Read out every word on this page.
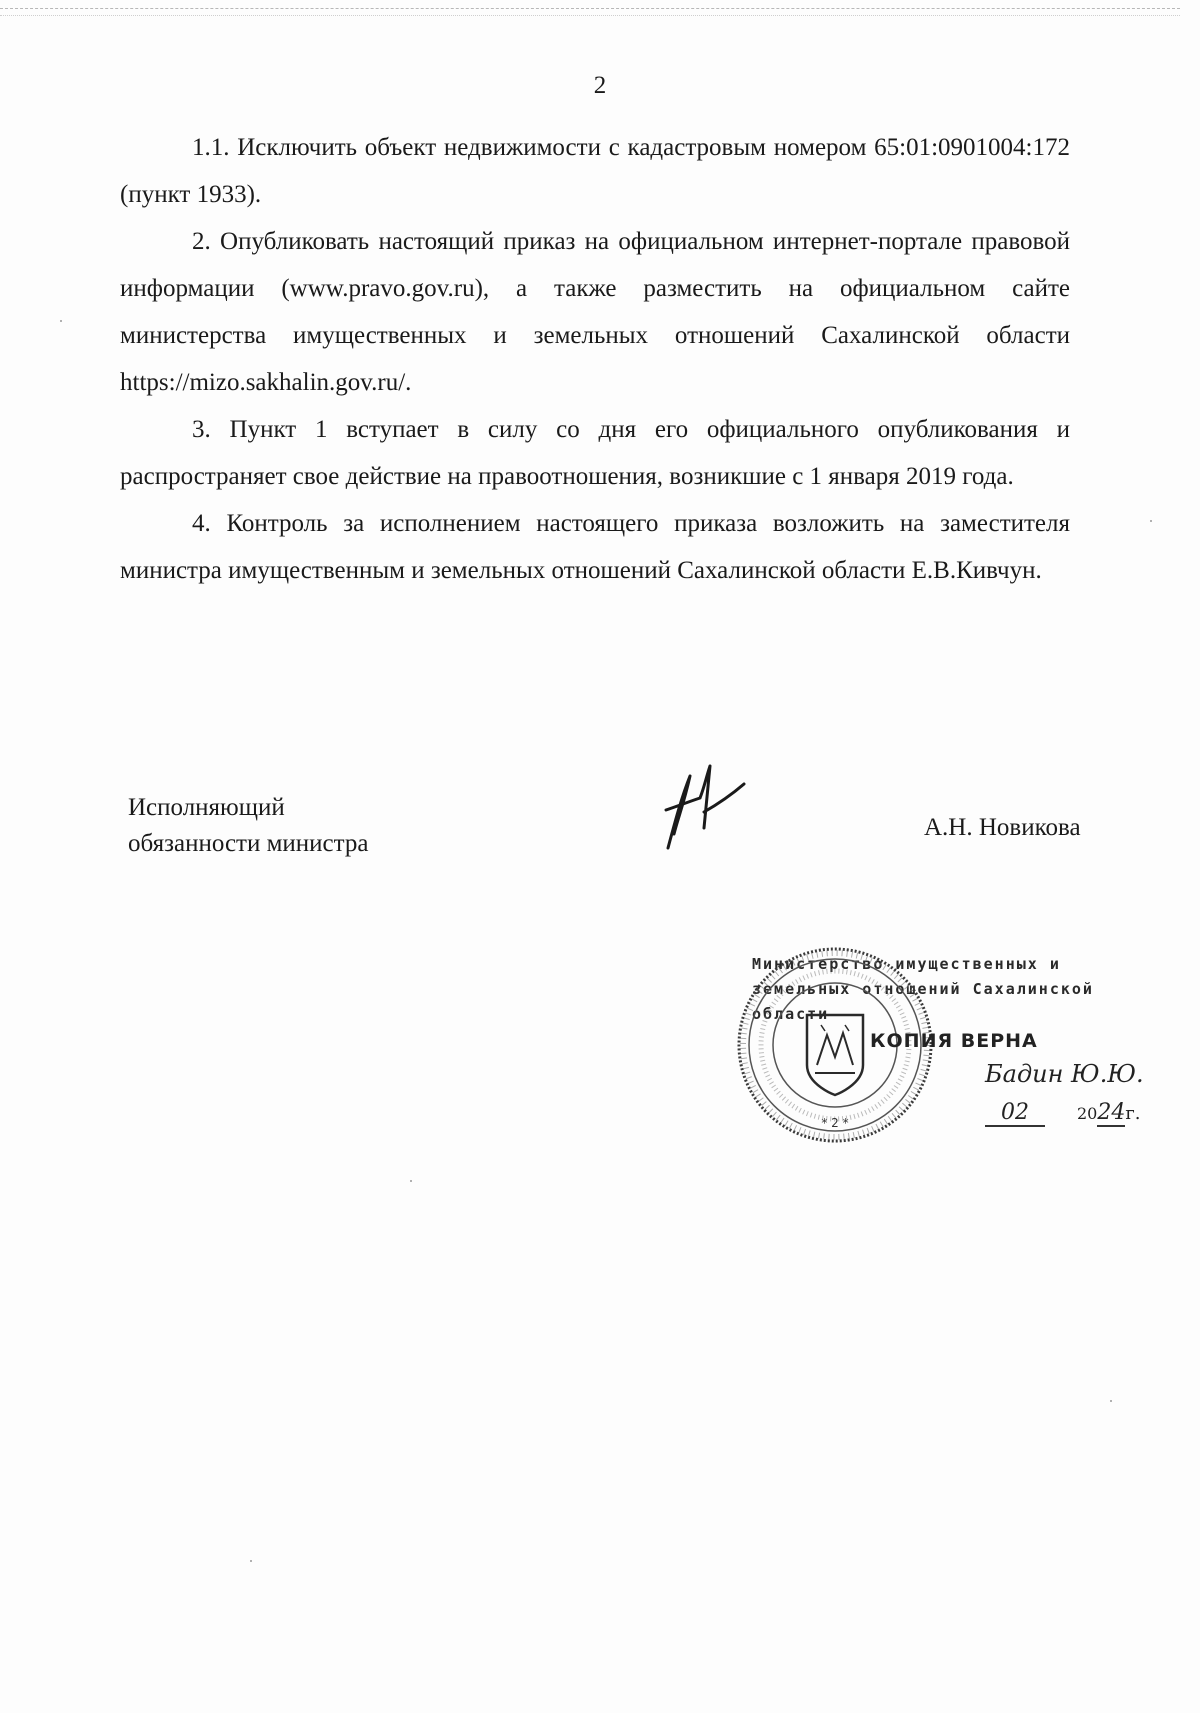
2

1.1. Исключить объект недвижимости с кадастровым номером 65:01:0901004:172 (пункт 1933).

2. Опубликовать настоящий приказ на официальном интернет-портале правовой информации (www.pravo.gov.ru), а также разместить на официальном сайте министерства имущественных и земельных отношений Сахалинской области https://mizo.sakhalin.gov.ru/.

3. Пункт 1 вступает в силу со дня его официального опубликования и распространяет свое действие на правоотношения, возникшие с 1 января 2019 года.

4. Контроль за исполнением настоящего приказа возложить на заместителя министра имущественным и земельных отношений Сахалинской области Е.В.Кивчун.

Исполняющий
обязанности министра
А.Н. Новикова
Министерство имущественных и
земельных отношений Сахалинской
области
* 2 *
КОПИЯ ВЕРНА
Бадин Ю.Ю.
02	2024г.
